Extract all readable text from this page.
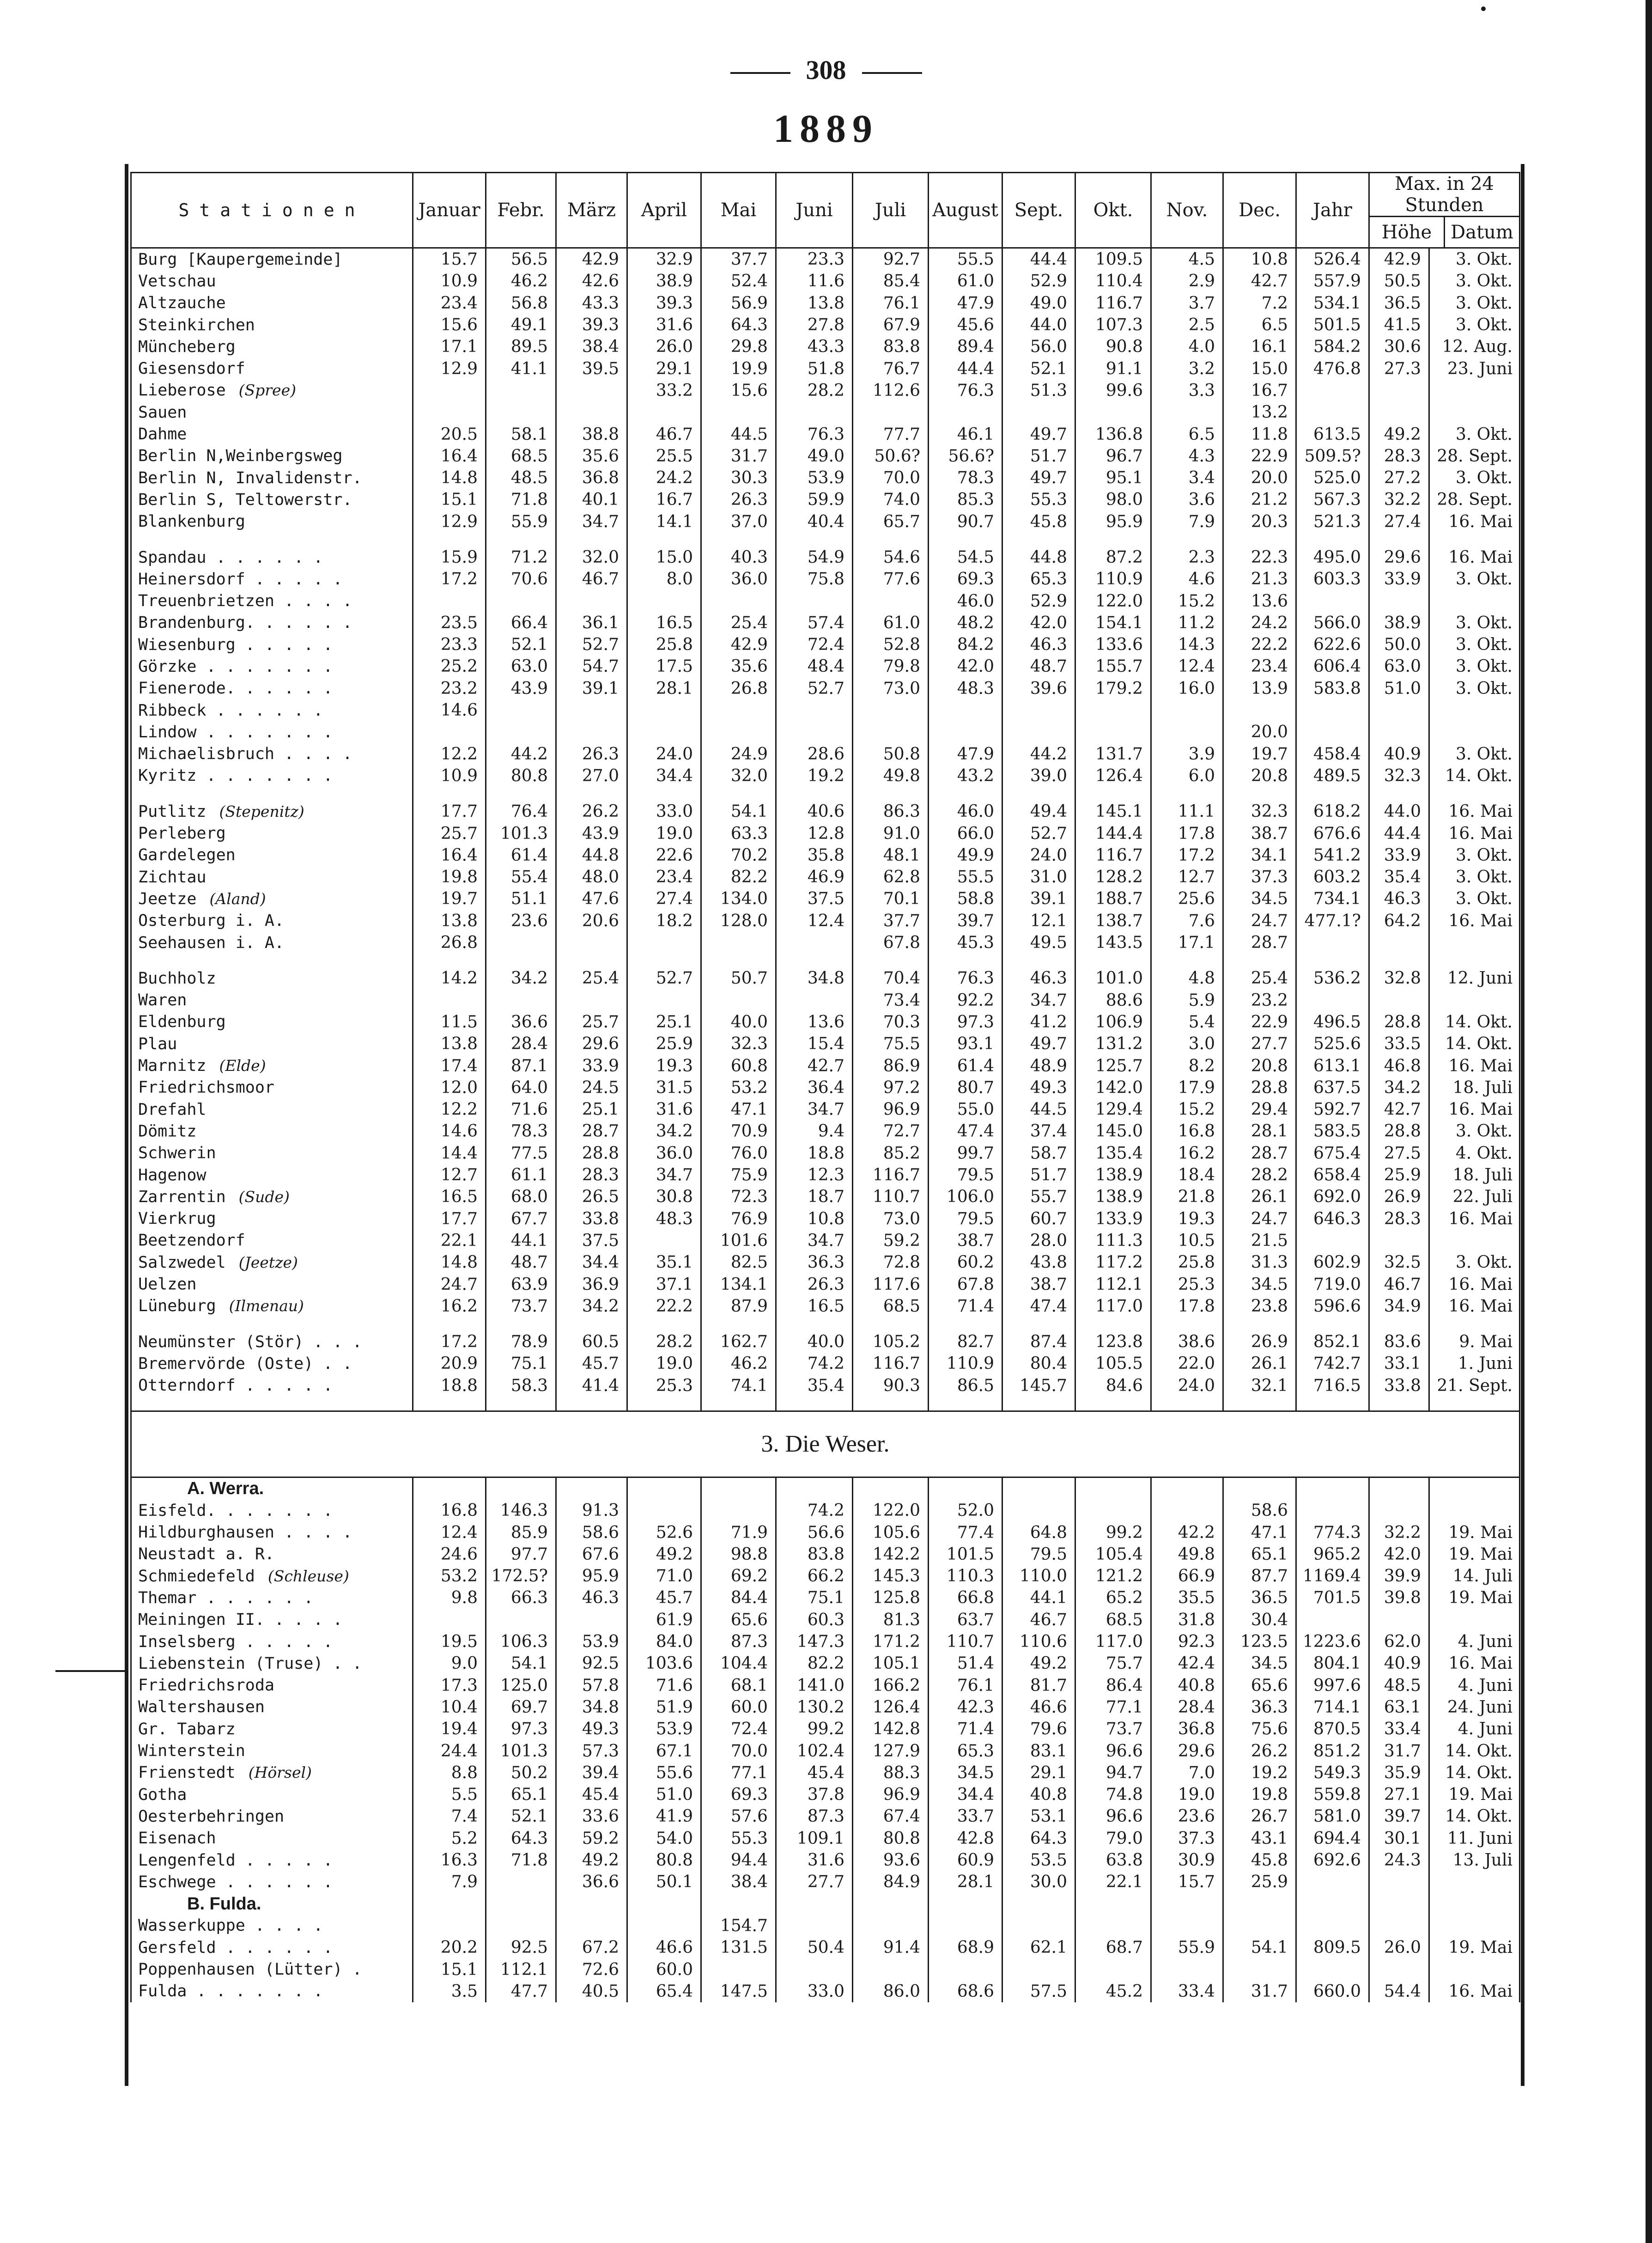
308
1889
Stationen	Januar	Febr.	März	April	Mai	Juni	Juli	August	Sept.	Okt.	Nov.	Dec.	Jahr	Max. in 24 Stunden
Höhe Datum	

Burg [Kaupergemeinde]	15.7	56.5	42.9	32.9	37.7	23.3	92.7	55.5	44.4	109.5	4.5	10.8	526.4	42.9	3. Okt.
Vetschau	10.9	46.2	42.6	38.9	52.4	11.6	85.4	61.0	52.9	110.4	2.9	42.7	557.9	50.5	3. Okt.
Altzauche	23.4	56.8	43.3	39.3	56.9	13.8	76.1	47.9	49.0	116.7	3.7	7.2	534.1	36.5	3. Okt.
Steinkirchen	15.6	49.1	39.3	31.6	64.3	27.8	67.9	45.6	44.0	107.3	2.5	6.5	501.5	41.5	3. Okt.
Müncheberg	17.1	89.5	38.4	26.0	29.8	43.3	83.8	89.4	56.0	90.8	4.0	16.1	584.2	30.6	12. Aug.
Giesensdorf	12.9	41.1	39.5	29.1	19.9	51.8	76.7	44.4	52.1	91.1	3.2	15.0	476.8	27.3	23. Juni
Lieberose (Spree)				33.2	15.6	28.2	112.6	76.3	51.3	99.6	3.3	16.7			
Sauen												13.2			
Dahme	20.5	58.1	38.8	46.7	44.5	76.3	77.7	46.1	49.7	136.8	6.5	11.8	613.5	49.2	3. Okt.
Berlin N,Weinbergsweg	16.4	68.5	35.6	25.5	31.7	49.0	50.6?	56.6?	51.7	96.7	4.3	22.9	509.5?	28.3	28. Sept.
Berlin N, Invalidenstr.	14.8	48.5	36.8	24.2	30.3	53.9	70.0	78.3	49.7	95.1	3.4	20.0	525.0	27.2	3. Okt.
Berlin S, Teltowerstr.	15.1	71.8	40.1	16.7	26.3	59.9	74.0	85.3	55.3	98.0	3.6	21.2	567.3	32.2	28. Sept.
Blankenburg	12.9	55.9	34.7	14.1	37.0	40.4	65.7	90.7	45.8	95.9	7.9	20.3	521.3	27.4	16. Mai

Spandau . . . . . .	15.9	71.2	32.0	15.0	40.3	54.9	54.6	54.5	44.8	87.2	2.3	22.3	495.0	29.6	16. Mai
Heinersdorf . . . . .	17.2	70.6	46.7	8.0	36.0	75.8	77.6	69.3	65.3	110.9	4.6	21.3	603.3	33.9	3. Okt.
Treuenbrietzen . . . .								46.0	52.9	122.0	15.2	13.6			
Brandenburg. . . . . .	23.5	66.4	36.1	16.5	25.4	57.4	61.0	48.2	42.0	154.1	11.2	24.2	566.0	38.9	3. Okt.
Wiesenburg . . . . .	23.3	52.1	52.7	25.8	42.9	72.4	52.8	84.2	46.3	133.6	14.3	22.2	622.6	50.0	3. Okt.
Görzke . . . . . . .	25.2	63.0	54.7	17.5	35.6	48.4	79.8	42.0	48.7	155.7	12.4	23.4	606.4	63.0	3. Okt.
Fienerode. . . . . .	23.2	43.9	39.1	28.1	26.8	52.7	73.0	48.3	39.6	179.2	16.0	13.9	583.8	51.0	3. Okt.
Ribbeck . . . . . .	14.6														
Lindow . . . . . . .												20.0			
Michaelisbruch . . . .	12.2	44.2	26.3	24.0	24.9	28.6	50.8	47.9	44.2	131.7	3.9	19.7	458.4	40.9	3. Okt.
Kyritz . . . . . . .	10.9	80.8	27.0	34.4	32.0	19.2	49.8	43.2	39.0	126.4	6.0	20.8	489.5	32.3	14. Okt.

Putlitz (Stepenitz)	17.7	76.4	26.2	33.0	54.1	40.6	86.3	46.0	49.4	145.1	11.1	32.3	618.2	44.0	16. Mai
Perleberg	25.7	101.3	43.9	19.0	63.3	12.8	91.0	66.0	52.7	144.4	17.8	38.7	676.6	44.4	16. Mai
Gardelegen	16.4	61.4	44.8	22.6	70.2	35.8	48.1	49.9	24.0	116.7	17.2	34.1	541.2	33.9	3. Okt.
Zichtau	19.8	55.4	48.0	23.4	82.2	46.9	62.8	55.5	31.0	128.2	12.7	37.3	603.2	35.4	3. Okt.
Jeetze (Aland)	19.7	51.1	47.6	27.4	134.0	37.5	70.1	58.8	39.1	188.7	25.6	34.5	734.1	46.3	3. Okt.
Osterburg i. A.	13.8	23.6	20.6	18.2	128.0	12.4	37.7	39.7	12.1	138.7	7.6	24.7	477.1?	64.2	16. Mai
Seehausen i. A.	26.8						67.8	45.3	49.5	143.5	17.1	28.7			

Buchholz	14.2	34.2	25.4	52.7	50.7	34.8	70.4	76.3	46.3	101.0	4.8	25.4	536.2	32.8	12. Juni
Waren							73.4	92.2	34.7	88.6	5.9	23.2			
Eldenburg	11.5	36.6	25.7	25.1	40.0	13.6	70.3	97.3	41.2	106.9	5.4	22.9	496.5	28.8	14. Okt.
Plau	13.8	28.4	29.6	25.9	32.3	15.4	75.5	93.1	49.7	131.2	3.0	27.7	525.6	33.5	14. Okt.
Marnitz (Elde)	17.4	87.1	33.9	19.3	60.8	42.7	86.9	61.4	48.9	125.7	8.2	20.8	613.1	46.8	16. Mai
Friedrichsmoor	12.0	64.0	24.5	31.5	53.2	36.4	97.2	80.7	49.3	142.0	17.9	28.8	637.5	34.2	18. Juli
Drefahl	12.2	71.6	25.1	31.6	47.1	34.7	96.9	55.0	44.5	129.4	15.2	29.4	592.7	42.7	16. Mai
Dömitz	14.6	78.3	28.7	34.2	70.9	9.4	72.7	47.4	37.4	145.0	16.8	28.1	583.5	28.8	3. Okt.
Schwerin	14.4	77.5	28.8	36.0	76.0	18.8	85.2	99.7	58.7	135.4	16.2	28.7	675.4	27.5	4. Okt.
Hagenow	12.7	61.1	28.3	34.7	75.9	12.3	116.7	79.5	51.7	138.9	18.4	28.2	658.4	25.9	18. Juli
Zarrentin (Sude)	16.5	68.0	26.5	30.8	72.3	18.7	110.7	106.0	55.7	138.9	21.8	26.1	692.0	26.9	22. Juli
Vierkrug	17.7	67.7	33.8	48.3	76.9	10.8	73.0	79.5	60.7	133.9	19.3	24.7	646.3	28.3	16. Mai
Beetzendorf	22.1	44.1	37.5		101.6	34.7	59.2	38.7	28.0	111.3	10.5	21.5			
Salzwedel (Jeetze)	14.8	48.7	34.4	35.1	82.5	36.3	72.8	60.2	43.8	117.2	25.8	31.3	602.9	32.5	3. Okt.
Uelzen	24.7	63.9	36.9	37.1	134.1	26.3	117.6	67.8	38.7	112.1	25.3	34.5	719.0	46.7	16. Mai
Lüneburg (Ilmenau)	16.2	73.7	34.2	22.2	87.9	16.5	68.5	71.4	47.4	117.0	17.8	23.8	596.6	34.9	16. Mai

Neumünster (Stör) . . .	17.2	78.9	60.5	28.2	162.7	40.0	105.2	82.7	87.4	123.8	38.6	26.9	852.1	83.6	9. Mai
Bremervörde (Oste) . .	20.9	75.1	45.7	19.0	46.2	74.2	116.7	110.9	80.4	105.5	22.0	26.1	742.7	33.1	1. Juni
Otterndorf . . . . .	18.8	58.3	41.4	25.3	74.1	35.4	90.3	86.5	145.7	84.6	24.0	32.1	716.5	33.8	21. Sept.

3. Die Weser.															
A. Werra.															
Eisfeld. . . . . . .	16.8	146.3	91.3			74.2	122.0	52.0				58.6			
Hildburghausen . . . .	12.4	85.9	58.6	52.6	71.9	56.6	105.6	77.4	64.8	99.2	42.2	47.1	774.3	32.2	19. Mai
Neustadt a. R.	24.6	97.7	67.6	49.2	98.8	83.8	142.2	101.5	79.5	105.4	49.8	65.1	965.2	42.0	19. Mai
Schmiedefeld (Schleuse)	53.2	172.5?	95.9	71.0	69.2	66.2	145.3	110.3	110.0	121.2	66.9	87.7	1169.4	39.9	14. Juli
Themar . . . . . .	9.8	66.3	46.3	45.7	84.4	75.1	125.8	66.8	44.1	65.2	35.5	36.5	701.5	39.8	19. Mai
Meiningen II. . . . .				61.9	65.6	60.3	81.3	63.7	46.7	68.5	31.8	30.4			
Inselsberg . . . . .	19.5	106.3	53.9	84.0	87.3	147.3	171.2	110.7	110.6	117.0	92.3	123.5	1223.6	62.0	4. Juni
Liebenstein (Truse) . .	9.0	54.1	92.5	103.6	104.4	82.2	105.1	51.4	49.2	75.7	42.4	34.5	804.1	40.9	16. Mai
Friedrichsroda	17.3	125.0	57.8	71.6	68.1	141.0	166.2	76.1	81.7	86.4	40.8	65.6	997.6	48.5	4. Juni
Waltershausen	10.4	69.7	34.8	51.9	60.0	130.2	126.4	42.3	46.6	77.1	28.4	36.3	714.1	63.1	24. Juni
Gr. Tabarz	19.4	97.3	49.3	53.9	72.4	99.2	142.8	71.4	79.6	73.7	36.8	75.6	870.5	33.4	4. Juni
Winterstein	24.4	101.3	57.3	67.1	70.0	102.4	127.9	65.3	83.1	96.6	29.6	26.2	851.2	31.7	14. Okt.
Frienstedt (Hörsel)	8.8	50.2	39.4	55.6	77.1	45.4	88.3	34.5	29.1	94.7	7.0	19.2	549.3	35.9	14. Okt.
Gotha	5.5	65.1	45.4	51.0	69.3	37.8	96.9	34.4	40.8	74.8	19.0	19.8	559.8	27.1	19. Mai
Oesterbehringen	7.4	52.1	33.6	41.9	57.6	87.3	67.4	33.7	53.1	96.6	23.6	26.7	581.0	39.7	14. Okt.
Eisenach	5.2	64.3	59.2	54.0	55.3	109.1	80.8	42.8	64.3	79.0	37.3	43.1	694.4	30.1	11. Juni
Lengenfeld . . . . .	16.3	71.8	49.2	80.8	94.4	31.6	93.6	60.9	53.5	63.8	30.9	45.8	692.6	24.3	13. Juli
Eschwege . . . . . .	7.9		36.6	50.1	38.4	27.7	84.9	28.1	30.0	22.1	15.7	25.9			
B. Fulda.															
Wasserkuppe . . . .					154.7										
Gersfeld . . . . . .	20.2	92.5	67.2	46.6	131.5	50.4	91.4	68.9	62.1	68.7	55.9	54.1	809.5	26.0	19. Mai
Poppenhausen (Lütter) .	15.1	112.1	72.6	60.0											
Fulda . . . . . . .	3.5	47.7	40.5	65.4	147.5	33.0	86.0	68.6	57.5	45.2	33.4	31.7	660.0	54.4	16. Mai
